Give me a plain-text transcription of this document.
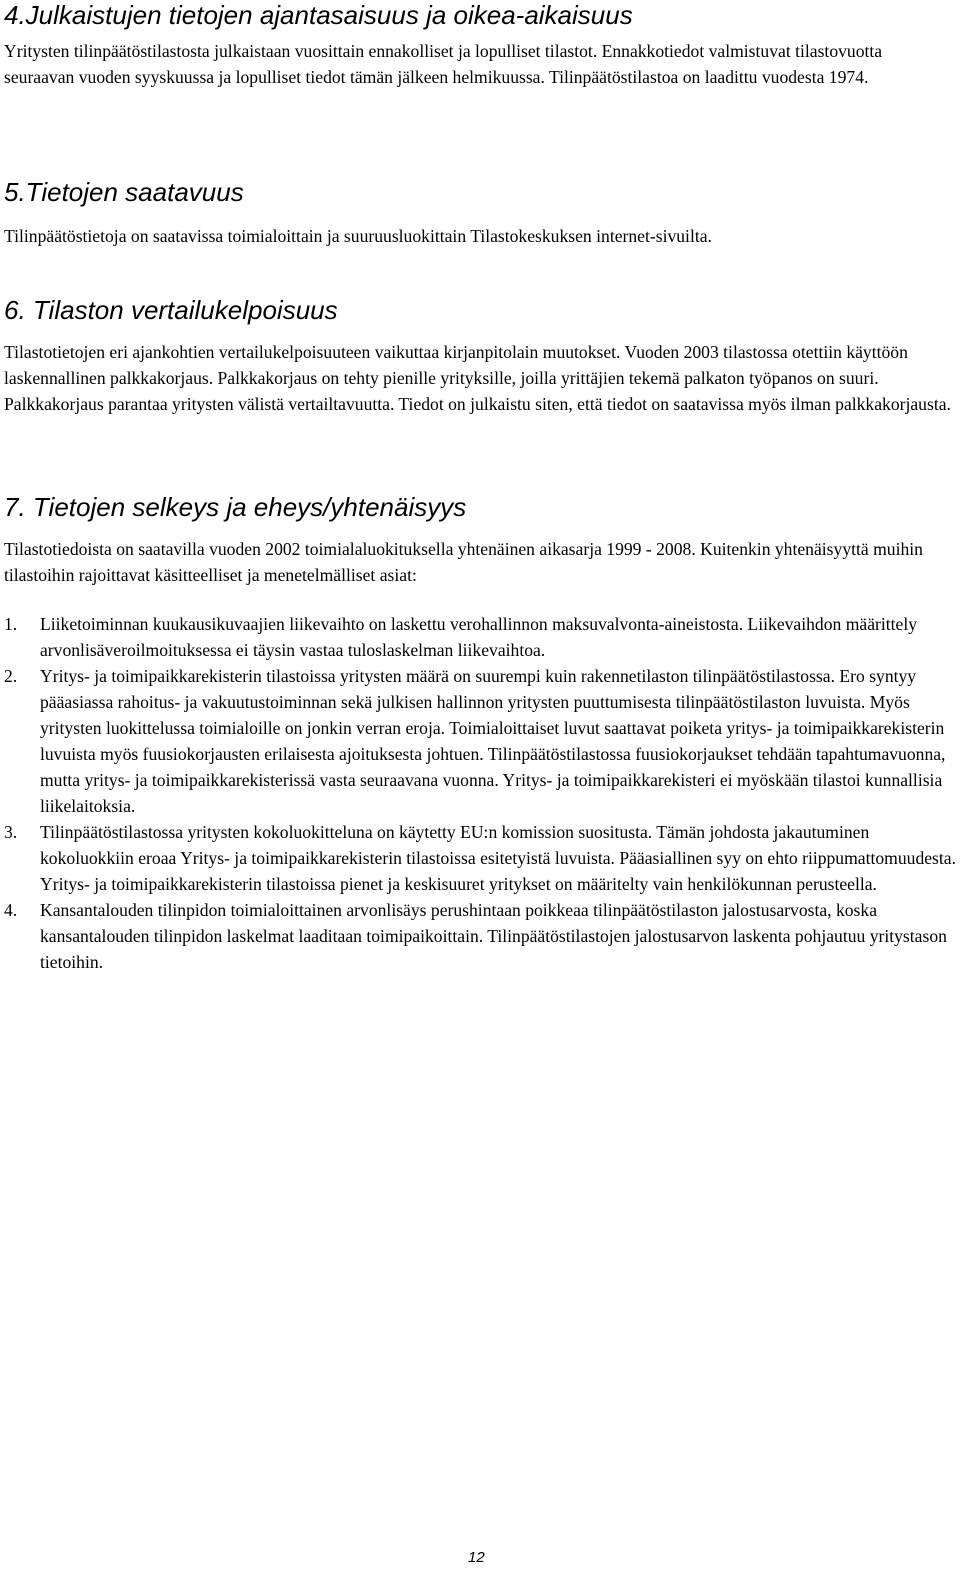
4.Julkaistujen tietojen ajantasaisuus ja oikea-aikaisuus

Yritysten tilinpäätöstilastosta julkaistaan vuosittain ennakolliset ja lopulliset tilastot. Ennakkotiedot valmistuvat tilastovuotta seuraavan vuoden syyskuussa ja lopulliset tiedot tämän jälkeen helmikuussa. Tilinpäätöstilastoa on laadittu vuodesta 1974.

5.Tietojen saatavuus

Tilinpäätöstietoja on saatavissa toimialoittain ja suuruusluokittain Tilastokeskuksen internet-sivuilta.

6. Tilaston vertailukelpoisuus

Tilastotietojen eri ajankohtien vertailukelpoisuuteen vaikuttaa kirjanpitolain muutokset. Vuoden 2003 tilastossa otettiin käyttöön laskennallinen palkkakorjaus. Palkkakorjaus on tehty pienille yrityksille, joilla yrittäjien tekemä palkaton työpanos on suuri. Palkkakorjaus parantaa yritysten välistä vertailtavuutta. Tiedot on julkaistu siten, että tiedot on saatavissa myös ilman palkkakorjausta.

7. Tietojen selkeys ja eheys/yhtenäisyys

Tilastotiedoista on saatavilla vuoden 2002 toimialaluokituksella yhtenäinen aikasarja 1999 - 2008. Kuitenkin yhtenäisyyttä muihin tilastoihin rajoittavat käsitteelliset ja menetelmälliset asiat:

1. Liiketoiminnan kuukausikuvaajien liikevaihto on laskettu verohallinnon maksuvalvonta-aineistosta. Liikevaihdon määrittely arvonlisäveroilmoituksessa ei täysin vastaa tuloslaskelman liikevaihtoa.
2. Yritys- ja toimipaikkarekisterin tilastoissa yritysten määrä on suurempi kuin rakennetilaston tilinpäätöstilastossa. Ero syntyy pääasiassa rahoitus- ja vakuutustoiminnan sekä julkisen hallinnon yritysten puuttumisesta tilinpäätöstilaston luvuista. Myös yritysten luokittelussa toimialoille on jonkin verran eroja. Toimialoittaiset luvut saattavat poiketa yritys- ja toimipaikkarekisterin luvuista myös fuusiokorjausten erilaisesta ajoituksesta johtuen. Tilinpäätöstilastossa fuusiokorjaukset tehdään tapahtumavuonna, mutta yritys- ja toimipaikkarekisterissä vasta seuraavana vuonna. Yritys- ja toimipaikkarekisteri ei myöskään tilastoi kunnallisia liikelaitoksia.
3. Tilinpäätöstilastossa yritysten kokoluokitteluna on käytetty EU:n komission suositusta. Tämän johdosta jakautuminen kokoluokkiin eroaa Yritys- ja toimipaikkarekisterin tilastoissa esitetyistä luvuista. Pääasiallinen syy on ehto riippumattomuudesta. Yritys- ja toimipaikkarekisterin tilastoissa pienet ja keskisuuret yritykset on määritelty vain henkilökunnan perusteella.
4. Kansantalouden tilinpidon toimialoittainen arvonlisäys perushintaan poikkeaa tilinpäätöstilaston jalostusarvosta, koska kansantalouden tilinpidon laskelmat laaditaan toimipaikoittain. Tilinpäätöstilastojen jalostusarvon laskenta pohjautuu yritystason tietoihin.
12
